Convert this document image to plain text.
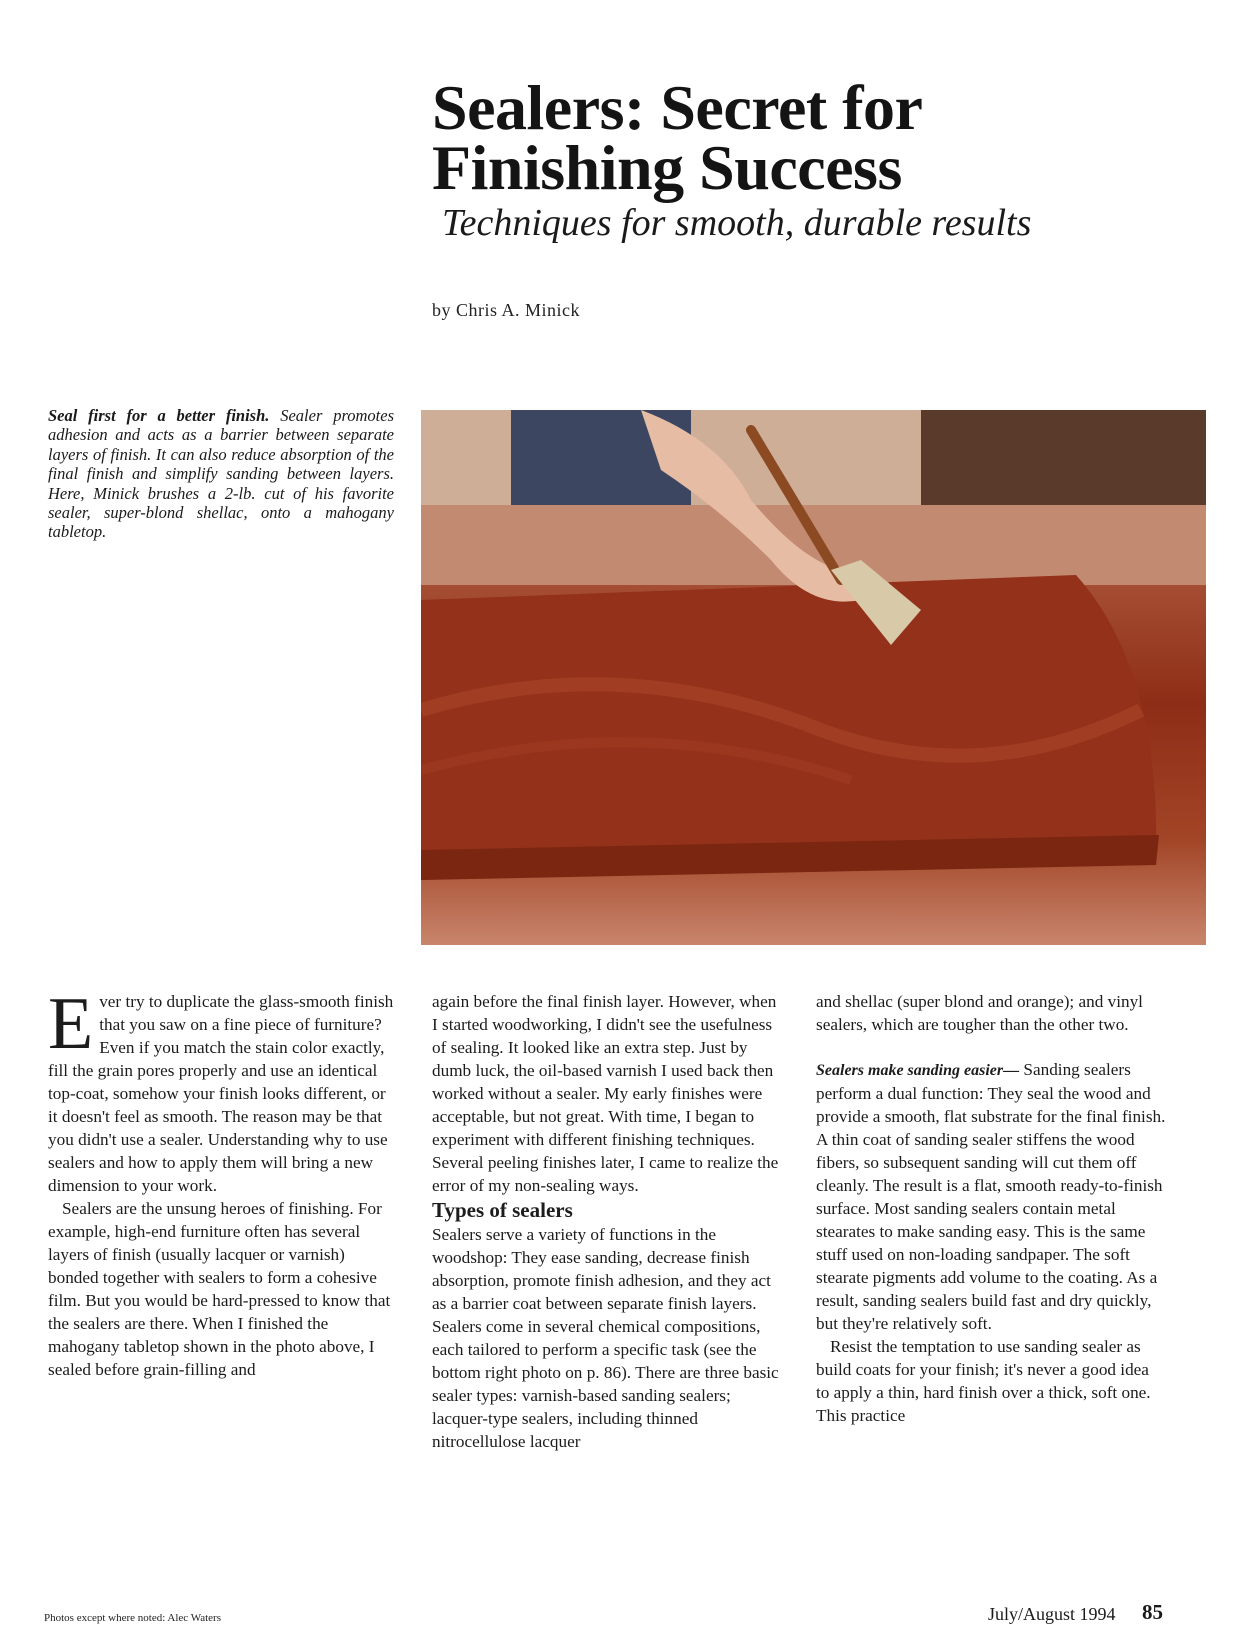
Sealers: Secret for
Finishing Success

Techniques for smooth, durable results

by Chris A. Minick

Seal first for a better finish. Sealer promotes adhesion and acts as a barrier between separate layers of finish. It can also reduce absorption of the final finish and simplify sanding between layers. Here, Minick brushes a 2-lb. cut of his favorite sealer, super-blond shellac, onto a mahogany tabletop.

E ver try to duplicate the glass-smooth finish that you saw on a fine piece of furniture? Even if you match the stain color exactly, fill the grain pores properly and use an identical top-coat, somehow your finish looks different, or it doesn't feel as smooth. The reason may be that you didn't use a sealer. Understanding why to use sealers and how to apply them will bring a new dimension to your work.

Sealers are the unsung heroes of finishing. For example, high-end furniture often has several layers of finish (usually lacquer or varnish) bonded together with sealers to form a cohesive film. But you would be hard-pressed to know that the sealers are there. When I finished the mahogany tabletop shown in the photo above, I sealed before grain-filling and

again before the final finish layer. However, when I started woodworking, I didn't see the usefulness of sealing. It looked like an extra step. Just by dumb luck, the oil-based varnish I used back then worked without a sealer. My early finishes were acceptable, but not great. With time, I began to experiment with different finishing techniques. Several peeling finishes later, I came to realize the error of my non-sealing ways.

Types of sealers

Sealers serve a variety of functions in the woodshop: They ease sanding, decrease finish absorption, promote finish adhesion, and they act as a barrier coat between separate finish layers. Sealers come in several chemical compositions, each tailored to perform a specific task (see the bottom right photo on p. 86). There are three basic sealer types: varnish-based sanding sealers; lacquer-type sealers, including thinned nitrocellulose lacquer

and shellac (super blond and orange); and vinyl sealers, which are tougher than the other two.

Sealers make sanding easier— Sanding sealers perform a dual function: They seal the wood and provide a smooth, flat substrate for the final finish. A thin coat of sanding sealer stiffens the wood fibers, so subsequent sanding will cut them off cleanly. The result is a flat, smooth ready-to-finish surface. Most sanding sealers contain metal stearates to make sanding easy. This is the same stuff used on non-loading sandpaper. The soft stearate pigments add volume to the coating. As a result, sanding sealers build fast and dry quickly, but they're relatively soft.

Resist the temptation to use sanding sealer as build coats for your finish; it's never a good idea to apply a thin, hard finish over a thick, soft one. This practice

Photos except where noted: Alec Waters	July/August 1994 85
